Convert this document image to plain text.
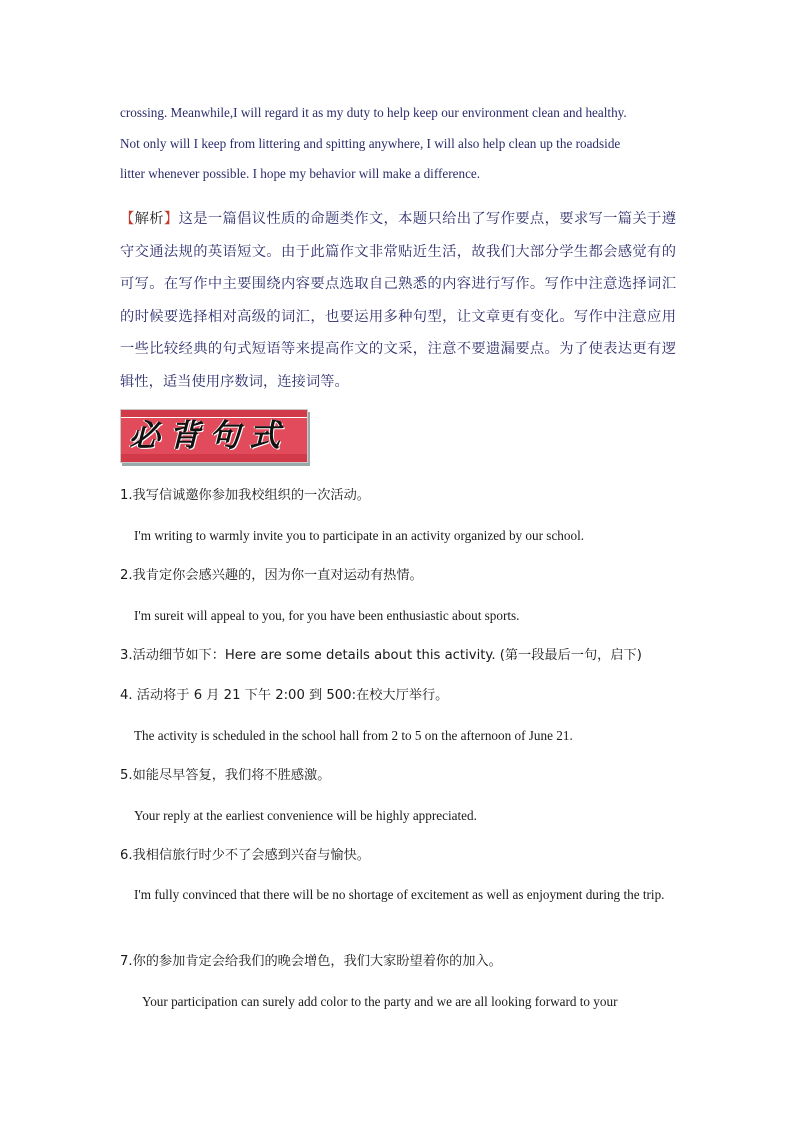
crossing. Meanwhile,I will regard it as my duty to help keep our environment clean and healthy.

Not only will I keep from littering and spitting anywhere, I will also help clean up the roadside

litter whenever possible. I hope my behavior will make a difference.

【解析】这是一篇倡议性质的命题类作文，本题只给出了写作要点，要求写一篇关于遵守交通法规的英语短文。由于此篇作文非常贴近生活，故我们大部分学生都会感觉有的可写。在写作中主要围绕内容要点选取自己熟悉的内容进行写作。写作中注意选择词汇的时候要选择相对高级的词汇，也要运用多种句型，让文章更有变化。写作中注意应用一些比较经典的句式短语等来提高作文的文采，注意不要遗漏要点。为了使表达更有逻辑性，适当使用序数词，连接词等。
必背句式
1.我写信诚邀你参加我校组织的一次活动。
I'm writing to warmly invite you to participate in an activity organized by our school.
2.我肯定你会感兴趣的，因为你一直对运动有热情。
I'm sureit will appeal to you, for you have been enthusiastic about sports.
3.活动细节如下：Here are some details about this activity. (第一段最后一句，启下)
4. 活动将于 6 月 21 下午 2:00 到 500:在校大厅举行。
The activity is scheduled in the school hall from 2 to 5 on the afternoon of June 21.
5.如能尽早答复，我们将不胜感激。
Your reply at the earliest convenience will be highly appreciated.
6.我相信旅行时少不了会感到兴奋与愉快。
I'm fully convinced that there will be no shortage of excitement as well as enjoyment during the trip.
7.你的参加肯定会给我们的晚会增色，我们大家盼望着你的加入。
Your participation can surely add color to the party and we are all looking forward to your
